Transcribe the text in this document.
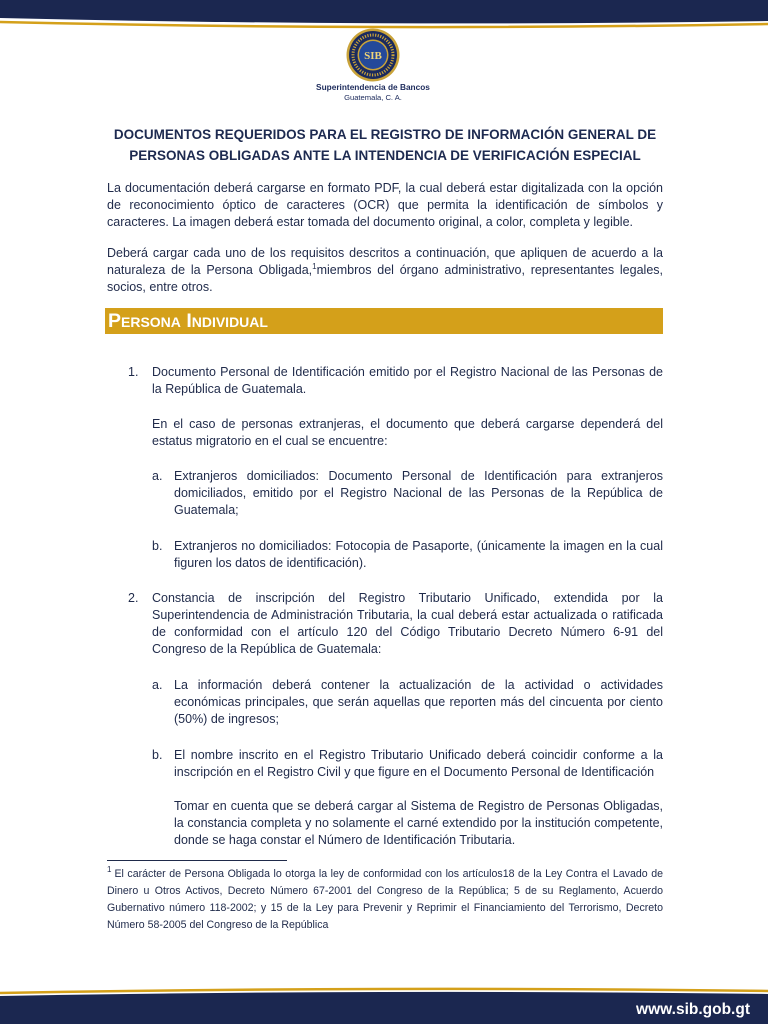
SIB
Superintendencia de Bancos
Guatemala, C. A.
DOCUMENTOS REQUERIDOS PARA EL REGISTRO DE INFORMACIÓN GENERAL DE
PERSONAS OBLIGADAS ANTE LA INTENDENCIA DE VERIFICACIÓN ESPECIAL

La documentación deberá cargarse en formato PDF, la cual deberá estar digitalizada con la opción de reconocimiento óptico de caracteres (OCR) que permita la identificación de símbolos y caracteres. La imagen deberá estar tomada del documento original, a color, completa y legible.

Deberá cargar cada uno de los requisitos descritos a continuación, que apliquen de acuerdo a la naturaleza de la Persona Obligada,$^1$miembros del órgano administrativo, representantes legales, socios, entre otros.

Persona Individual
1. Documento Personal de Identificación emitido por el Registro Nacional de las Personas de la República de Guatemala.
En el caso de personas extranjeras, el documento que deberá cargarse dependerá del estatus migratorio en el cual se encuentre:
a. Extranjeros domiciliados: Documento Personal de Identificación para extranjeros domiciliados, emitido por el Registro Nacional de las Personas de la República de Guatemala;
b. Extranjeros no domiciliados: Fotocopia de Pasaporte, (únicamente la imagen en la cual figuren los datos de identificación).
2. Constancia de inscripción del Registro Tributario Unificado, extendida por la Superintendencia de Administración Tributaria, la cual deberá estar actualizada o ratificada de conformidad con el artículo 120 del Código Tributario Decreto Número 6-91 del Congreso de la República de Guatemala:
a. La información deberá contener la actualización de la actividad o actividades económicas principales, que serán aquellas que reporten más del cincuenta por ciento (50%) de ingresos;
b. El nombre inscrito en el Registro Tributario Unificado deberá coincidir conforme a la inscripción en el Registro Civil y que figure en el Documento Personal de Identificación
Tomar en cuenta que se deberá cargar al Sistema de Registro de Personas Obligadas, la constancia completa y no solamente el carné extendido por la institución competente, donde se haga constar el Número de Identificación Tributaria.

$^1$ El carácter de Persona Obligada lo otorga la ley de conformidad con los artículos18 de la Ley Contra el Lavado de Dinero u Otros Activos, Decreto Número 67-2001 del Congreso de la República; 5 de su Reglamento, Acuerdo Gubernativo número 118-2002; y 15 de la Ley para Prevenir y Reprimir el Financiamiento del Terrorismo, Decreto Número 58-2005 del Congreso de la República

www.sib.gob.gt
